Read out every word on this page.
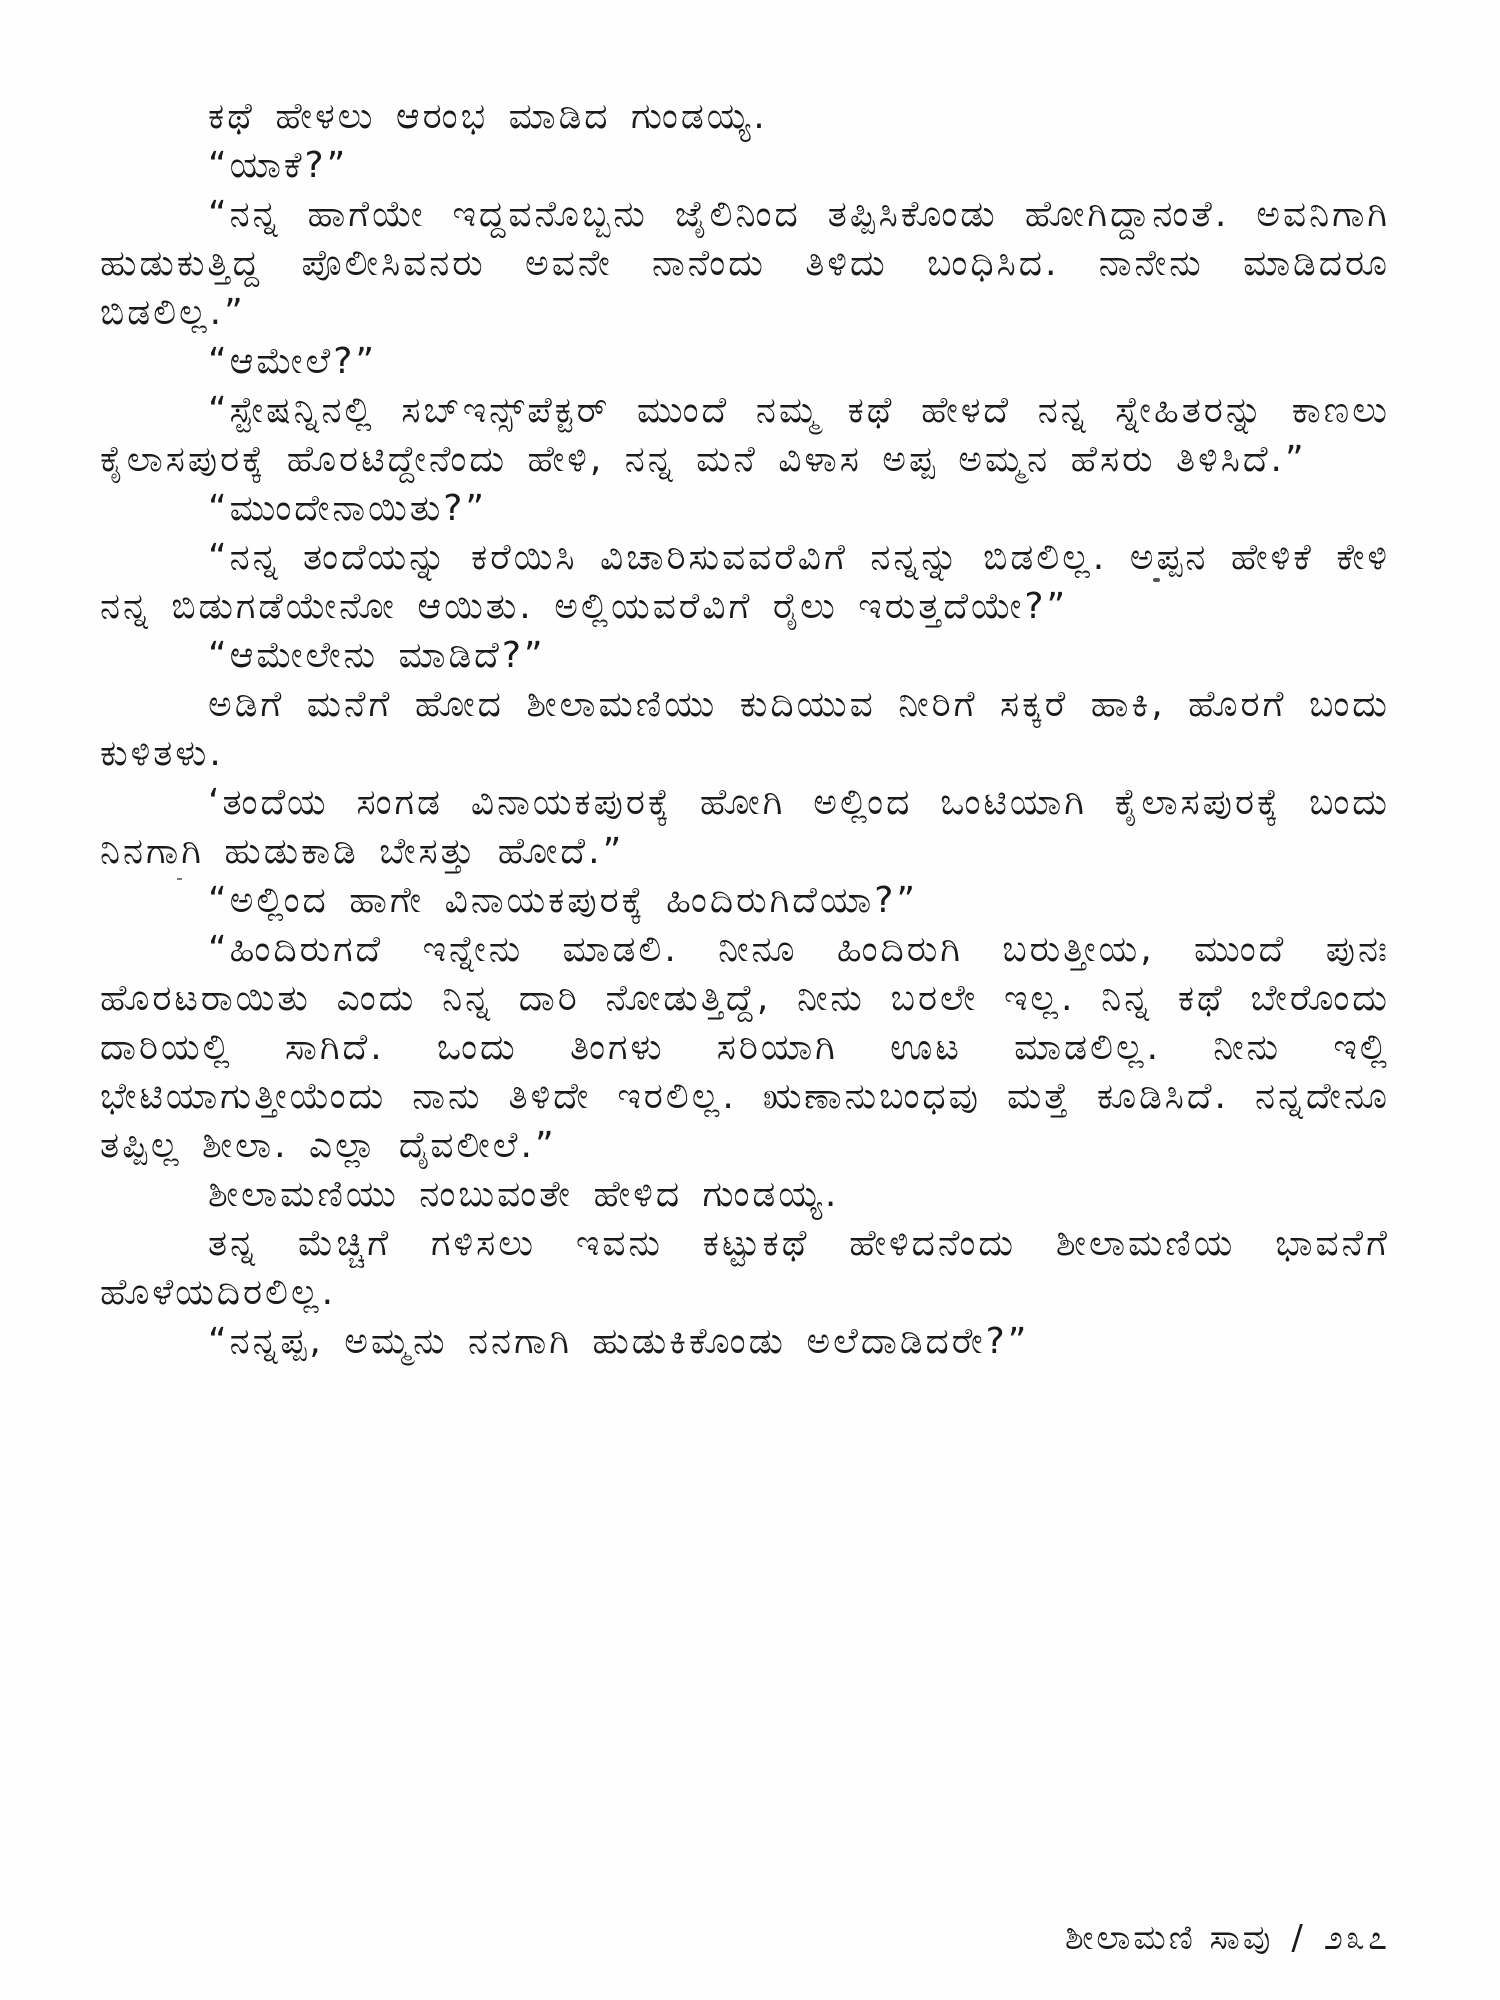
ಕಥೆ ಹೇಳಲು ಆರಂಭ ಮಾಡಿದ ಗುಂಡಯ್ಯ.

“ಯಾಕೆ?”

“ನನ್ನ ಹಾಗೆಯೇ ಇದ್ದವನೊಬ್ಬನು ಜೈಲಿನಿಂದ ತಪ್ಪಿಸಿಕೊಂಡು ಹೋಗಿದ್ದಾನಂತೆ. ಅವನಿಗಾಗಿ ಹುಡುಕುತ್ತಿದ್ದ ಪೊಲೀಸಿವನರು ಅವನೇ ನಾನೆಂದು ತಿಳಿದು ಬಂಧಿಸಿದ. ನಾನೇನು ಮಾಡಿದರೂ ಬಿಡಲಿಲ್ಲ.”

“ಆಮೇಲೆ?”

“ಸ್ಟೇಷನ್ನಿನಲ್ಲಿ ಸಬ್‌ಇನ್ಸ್‌ಪೆಕ್ಟರ್ ಮುಂದೆ ನಮ್ಮ ಕಥೆ ಹೇಳದೆ ನನ್ನ ಸ್ನೇಹಿತರನ್ನು ಕಾಣಲು ಕೈಲಾಸಪುರಕ್ಕೆ ಹೊರಟಿದ್ದೇನೆಂದು ಹೇಳಿ, ನನ್ನ ಮನೆ ವಿಳಾಸ ಅಪ್ಪ ಅಮ್ಮನ ಹೆಸರು ತಿಳಿಸಿದೆ.”

“ಮುಂದೇನಾಯಿತು?”

“ನನ್ನ ತಂದೆಯನ್ನು ಕರೆಯಿಸಿ ವಿಚಾರಿಸುವವರೆವಿಗೆ ನನ್ನನ್ನು ಬಿಡಲಿಲ್ಲ. ಅಪ್ಪನ ಹೇಳಿಕೆ ಕೇಳಿ ನನ್ನ ಬಿಡುಗಡೆಯೇನೋ ಆಯಿತು. ಅಲ್ಲಿಯವರೆವಿಗೆ ರೈಲು ಇರುತ್ತದೆಯೇ?”

“ಆಮೇಲೇನು ಮಾಡಿದೆ?”

ಅಡಿಗೆ ಮನೆಗೆ ಹೋದ ಶೀಲಾಮಣಿಯು ಕುದಿಯುವ ನೀರಿಗೆ ಸಕ್ಕರೆ ಹಾಕಿ, ಹೊರಗೆ ಬಂದು ಕುಳಿತಳು.

‘ತಂದೆಯ ಸಂಗಡ ವಿನಾಯಕಪುರಕ್ಕೆ ಹೋಗಿ ಅಲ್ಲಿಂದ ಒಂಟಿಯಾಗಿ ಕೈಲಾಸಪುರಕ್ಕೆ ಬಂದು ನಿನಗಾಗಿ ಹುಡುಕಾಡಿ ಬೇಸತ್ತು ಹೋದೆ.”

“ಅಲ್ಲಿಂದ ಹಾಗೇ ವಿನಾಯಕಪುರಕ್ಕೆ ಹಿಂದಿರುಗಿದೆಯಾ?”

“ಹಿಂದಿರುಗದೆ ಇನ್ನೇನು ಮಾಡಲಿ. ನೀನೂ ಹಿಂದಿರುಗಿ ಬರುತ್ತೀಯ, ಮುಂದೆ ಪುನಃ ಹೊರಟರಾಯಿತು ಎಂದು ನಿನ್ನ ದಾರಿ ನೋಡುತ್ತಿದ್ದೆ, ನೀನು ಬರಲೇ ಇಲ್ಲ. ನಿನ್ನ ಕಥೆ ಬೇರೊಂದು ದಾರಿಯಲ್ಲಿ ಸಾಗಿದೆ. ಒಂದು ತಿಂಗಳು ಸರಿಯಾಗಿ ಊಟ ಮಾಡಲಿಲ್ಲ. ನೀನು ಇಲ್ಲಿ ಭೇಟಿಯಾಗುತ್ತೀಯೆಂದು ನಾನು ತಿಳಿದೇ ಇರಲಿಲ್ಲ. ಋಣಾನುಬಂಧವು ಮತ್ತೆ ಕೂಡಿಸಿದೆ. ನನ್ನದೇನೂ ತಪ್ಪಿಲ್ಲ ಶೀಲಾ. ಎಲ್ಲಾ ದೈವಲೀಲೆ.”

ಶೀಲಾಮಣಿಯು ನಂಬುವಂತೇ ಹೇಳಿದ ಗುಂಡಯ್ಯ.

ತನ್ನ ಮೆಚ್ಚಿಗೆ ಗಳಿಸಲು ಇವನು ಕಟ್ಟುಕಥೆ ಹೇಳಿದನೆಂದು ಶೀಲಾಮಣಿಯ ಭಾವನೆಗೆ ಹೊಳೆಯದಿರಲಿಲ್ಲ.

“ನನ್ನಪ್ಪ, ಅಮ್ಮನು ನನಗಾಗಿ ಹುಡುಕಿಕೊಂಡು ಅಲೆದಾಡಿದರೇ?”

ಶೀಲಾಮಣಿ ಸಾವು / ೨೩೭
